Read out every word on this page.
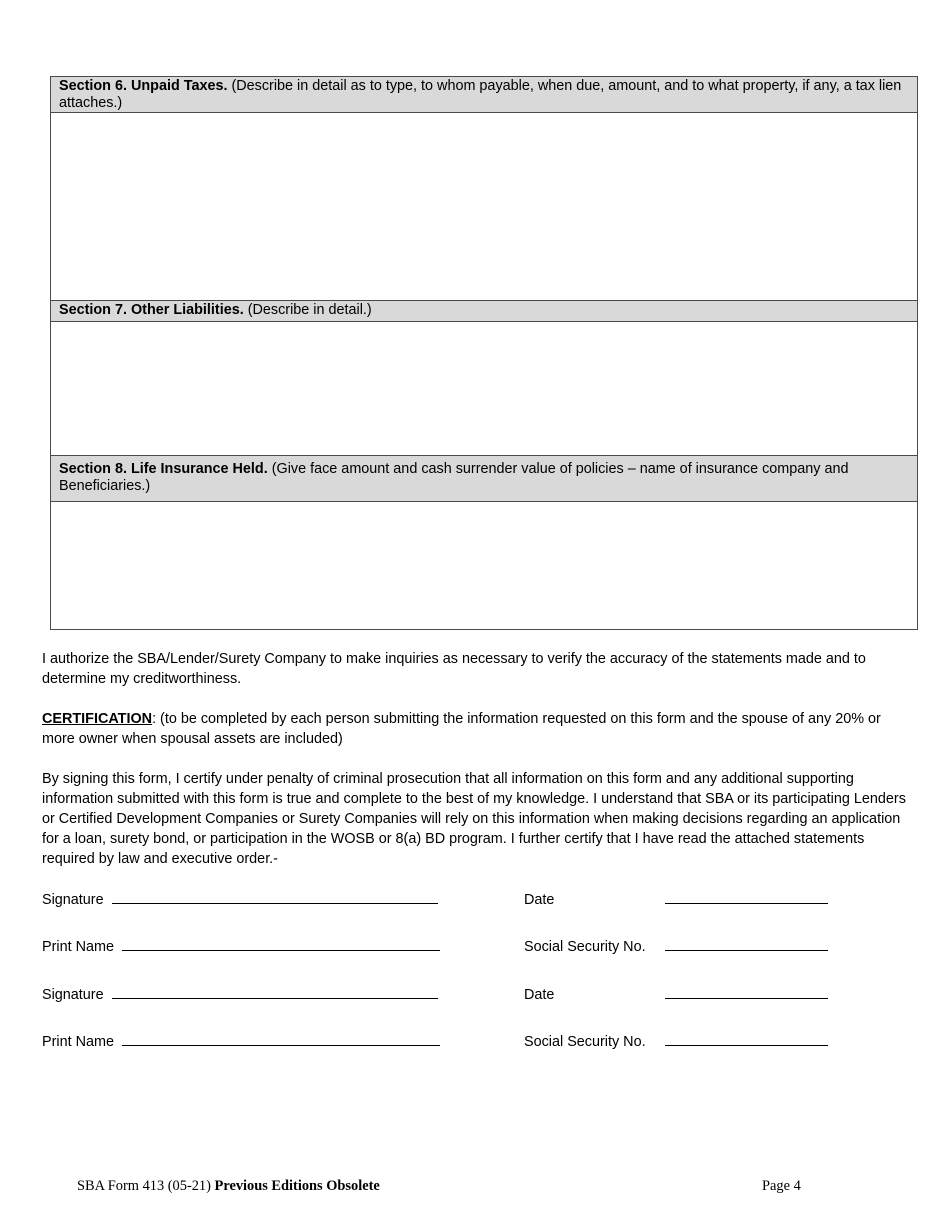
Section 6. Unpaid Taxes. (Describe in detail as to type, to whom payable, when due, amount, and to what property, if any, a tax lien attaches.)
Section 7. Other Liabilities. (Describe in detail.)
Section 8. Life Insurance Held. (Give face amount and cash surrender value of policies – name of insurance company and Beneficiaries.)

I authorize the SBA/Lender/Surety Company to make inquiries as necessary to verify the accuracy of the statements made and to determine my creditworthiness.

CERTIFICATION: (to be completed by each person submitting the information requested on this form and the spouse of any 20% or more owner when spousal assets are included)

By signing this form, I certify under penalty of criminal prosecution that all information on this form and any additional supporting information submitted with this form is true and complete to the best of my knowledge. I understand that SBA or its participating Lenders or Certified Development Companies or Surety Companies will rely on this information when making decisions regarding an application for a loan, surety bond, or participation in the WOSB or 8(a) BD program. I further certify that I have read the attached statements required by law and executive order.-

Signature
Print Name
Signature
Print Name
Date
Social Security No.
Date
Social Security No.
SBA Form 413 (05-21) Previous Editions Obsolete	Page 4
